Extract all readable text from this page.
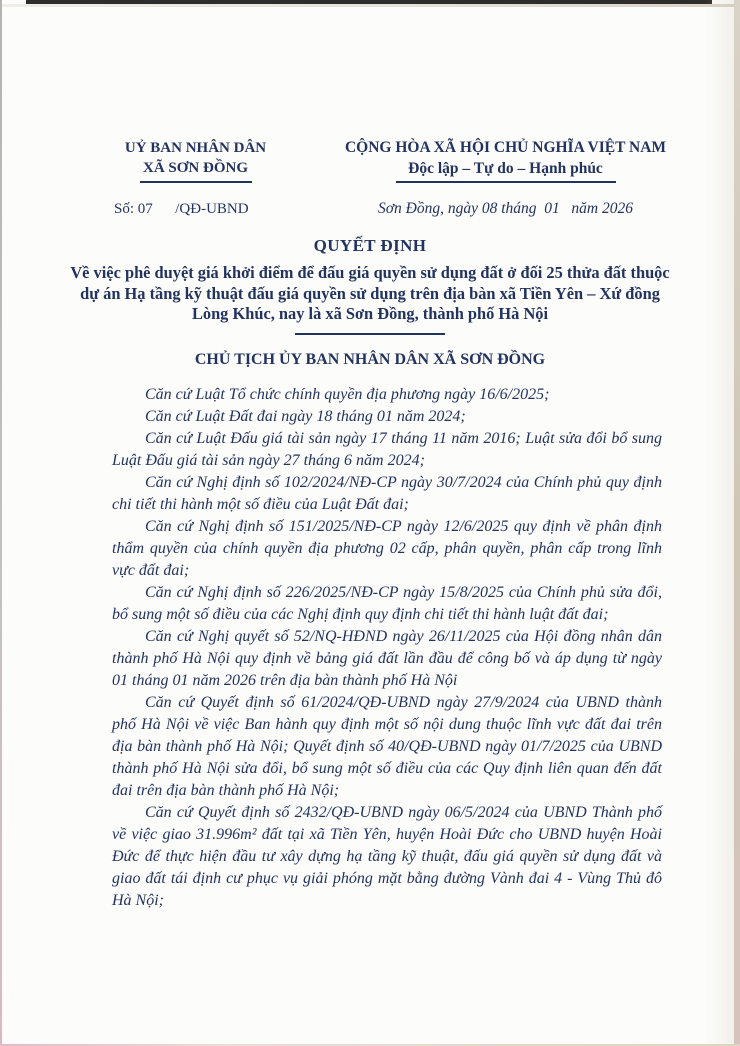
UỶ BAN NHÂN DÂN
XÃ SƠN ĐỒNG
CỘNG HÒA XÃ HỘI CHỦ NGHĨA VIỆT NAM
Độc lập – Tự do – Hạnh phúc
Số: 07      /QĐ-UBND	Sơn Đồng, ngày 08 tháng  01   năm 2026
QUYẾT ĐỊNH
Về việc phê duyệt giá khởi điểm để đấu giá quyền sử dụng đất ở đối 25 thửa đất thuộc dự án Hạ tầng kỹ thuật đấu giá quyền sử dụng trên địa bàn xã Tiền Yên – Xứ đồng Lòng Khúc, nay là xã Sơn Đồng, thành phố Hà Nội
CHỦ TỊCH ỦY BAN NHÂN DÂN XÃ SƠN ĐỒNG

Căn cứ Luật Tổ chức chính quyền địa phương ngày 16/6/2025;

Căn cứ Luật Đất đai ngày 18 tháng 01 năm 2024;

Căn cứ Luật Đấu giá tài sản ngày 17 tháng 11 năm 2016; Luật sửa đổi bổ sung Luật Đấu giá tài sản ngày 27 tháng 6 năm 2024;

Căn cứ Nghị định số 102/2024/NĐ-CP ngày 30/7/2024 của Chính phủ quy định chi tiết thi hành một số điều của Luật Đất đai;

Căn cứ Nghị định số 151/2025/NĐ-CP ngày 12/6/2025 quy định về phân định thẩm quyền của chính quyền địa phương 02 cấp, phân quyền, phân cấp trong lĩnh vực đất đai;

Căn cứ Nghị định số 226/2025/NĐ-CP ngày 15/8/2025 của Chính phủ sửa đổi, bổ sung một số điều của các Nghị định quy định chi tiết thi hành luật đất đai;

Căn cứ Nghị quyết số 52/NQ-HĐND ngày 26/11/2025 của Hội đồng nhân dân thành phố Hà Nội quy định về bảng giá đất lần đầu để công bố và áp dụng từ ngày 01 tháng 01 năm 2026 trên địa bàn thành phố Hà Nội

Căn cứ Quyết định số 61/2024/QĐ-UBND ngày 27/9/2024 của UBND thành phố Hà Nội về việc Ban hành quy định một số nội dung thuộc lĩnh vực đất đai trên địa bàn thành phố Hà Nội; Quyết định số 40/QĐ-UBND ngày 01/7/2025 của UBND thành phố Hà Nội sửa đổi, bổ sung một số điều của các Quy định liên quan đến đất đai trên địa bàn thành phố Hà Nội;

Căn cứ Quyết định số 2432/QĐ-UBND ngày 06/5/2024 của UBND Thành phố về việc giao 31.996m² đất tại xã Tiền Yên, huyện Hoài Đức cho UBND huyện Hoài Đức để thực hiện đầu tư xây dựng hạ tầng kỹ thuật, đấu giá quyền sử dụng đất và giao đất tái định cư phục vụ giải phóng mặt bằng đường Vành đai 4 - Vùng Thủ đô Hà Nội;
